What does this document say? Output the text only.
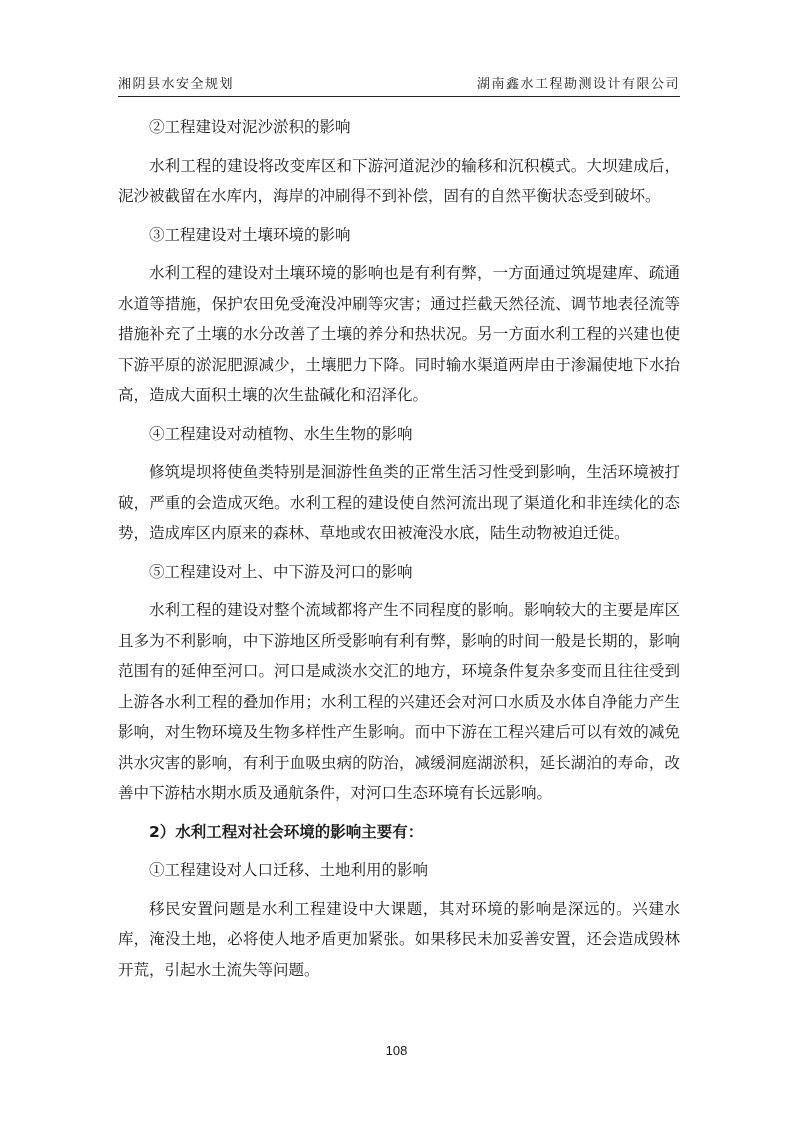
湘阴县水安全规划	湖南鑫水工程勘测设计有限公司

②工程建设对泥沙淤积的影响

水利工程的建设将改变库区和下游河道泥沙的输移和沉积模式。大坝建成后，泥沙被截留在水库内，海岸的冲刷得不到补偿，固有的自然平衡状态受到破坏。

③工程建设对土壤环境的影响

水利工程的建设对土壤环境的影响也是有利有弊，一方面通过筑堤建库、疏通水道等措施，保护农田免受淹没冲刷等灾害；通过拦截天然径流、调节地表径流等措施补充了土壤的水分改善了土壤的养分和热状况。另一方面水利工程的兴建也使下游平原的淤泥肥源减少，土壤肥力下降。同时输水渠道两岸由于渗漏使地下水抬高，造成大面积土壤的次生盐碱化和沼泽化。

④工程建设对动植物、水生生物的影响

修筑堤坝将使鱼类特别是洄游性鱼类的正常生活习性受到影响，生活环境被打破，严重的会造成灭绝。水利工程的建设使自然河流出现了渠道化和非连续化的态势，造成库区内原来的森林、草地或农田被淹没水底，陆生动物被迫迁徙。

⑤工程建设对上、中下游及河口的影响

水利工程的建设对整个流域都将产生不同程度的影响。影响较大的主要是库区且多为不利影响，中下游地区所受影响有利有弊，影响的时间一般是长期的，影响范围有的延伸至河口。河口是咸淡水交汇的地方，环境条件复杂多变而且往往受到上游各水利工程的叠加作用；水利工程的兴建还会对河口水质及水体自净能力产生影响，对生物环境及生物多样性产生影响。而中下游在工程兴建后可以有效的减免洪水灾害的影响，有利于血吸虫病的防治，减缓洞庭湖淤积，延长湖泊的寿命，改善中下游枯水期水质及通航条件，对河口生态环境有长远影响。

2）水利工程对社会环境的影响主要有：

①工程建设对人口迁移、土地利用的影响

移民安置问题是水利工程建设中大课题，其对环境的影响是深远的。兴建水库，淹没土地，必将使人地矛盾更加紧张。如果移民未加妥善安置，还会造成毁林开荒，引起水土流失等问题。

108
